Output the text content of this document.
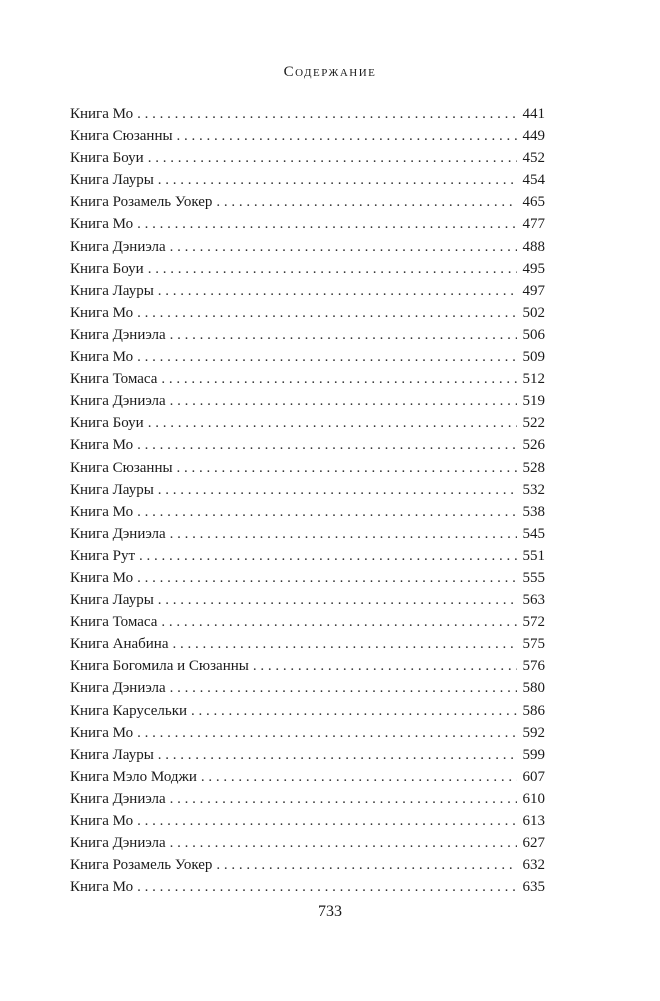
Содержание
Книга Мо . . .	441
Книга Сюзанны . . .	449
Книга Боуи . . .	452
Книга Лауры . . .	454
Книга Розамель Уокер . . .	465
Книга Мо . . .	477
Книга Дэниэла . . .	488
Книга Боуи . . .	495
Книга Лауры . . .	497
Книга Мо . . .	502
Книга Дэниэла . . .	506
Книга Мо . . .	509
Книга Томаса . . .	512
Книга Дэниэла . . .	519
Книга Боуи . . .	522
Книга Мо . . .	526
Книга Сюзанны . . .	528
Книга Лауры . . .	532
Книга Мо . . .	538
Книга Дэниэла . . .	545
Книга Рут . . .	551
Книга Мо . . .	555
Книга Лауры . . .	563
Книга Томаса . . .	572
Книга Анабина . . .	575
Книга Богомила и Сюзанны . . .	576
Книга Дэниэла . . .	580
Книга Карусельки . . .	586
Книга Мо . . .	592
Книга Лауры . . .	599
Книга Мэло Моджи . . .	607
Книга Дэниэла . . .	610
Книга Мо . . .	613
Книга Дэниэла . . .	627
Книга Розамель Уокер . . .	632
Книга Мо . . .	635
733
